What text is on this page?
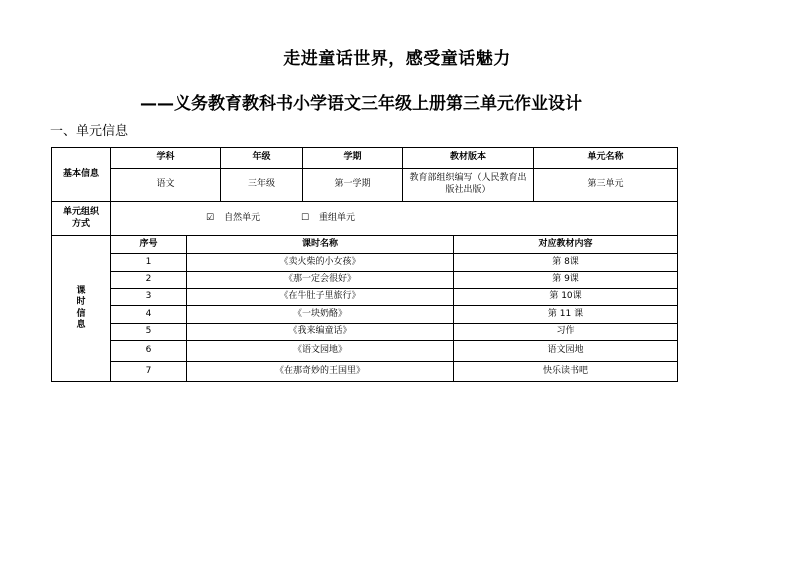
走进童话世界，感受童话魅力
——义务教育教科书小学语文三年级上册第三单元作业设计
一、单元信息
基本信息	学科		年级	学期	教材版本		单元名称
	语文		三年级	第一学期	教育部组织编写（人民教育出版社出版）		第三单元
单元组织方式	☑ 自然单元 ☐ 重组单元						

课
时
信
息	序号	课时名称				对应教材内容	
	1	《卖火柴的小女孩》				第 8课	
	2	《那一定会很好》				第 9课	
	3	《在牛肚子里旅行》				第 10课	
	4	《一块奶酪》				第 11 课	
	5	《我来编童话》				习作	
	6	《语文园地》				语文园地	
	7	《在那奇妙的王国里》				快乐读书吧	
